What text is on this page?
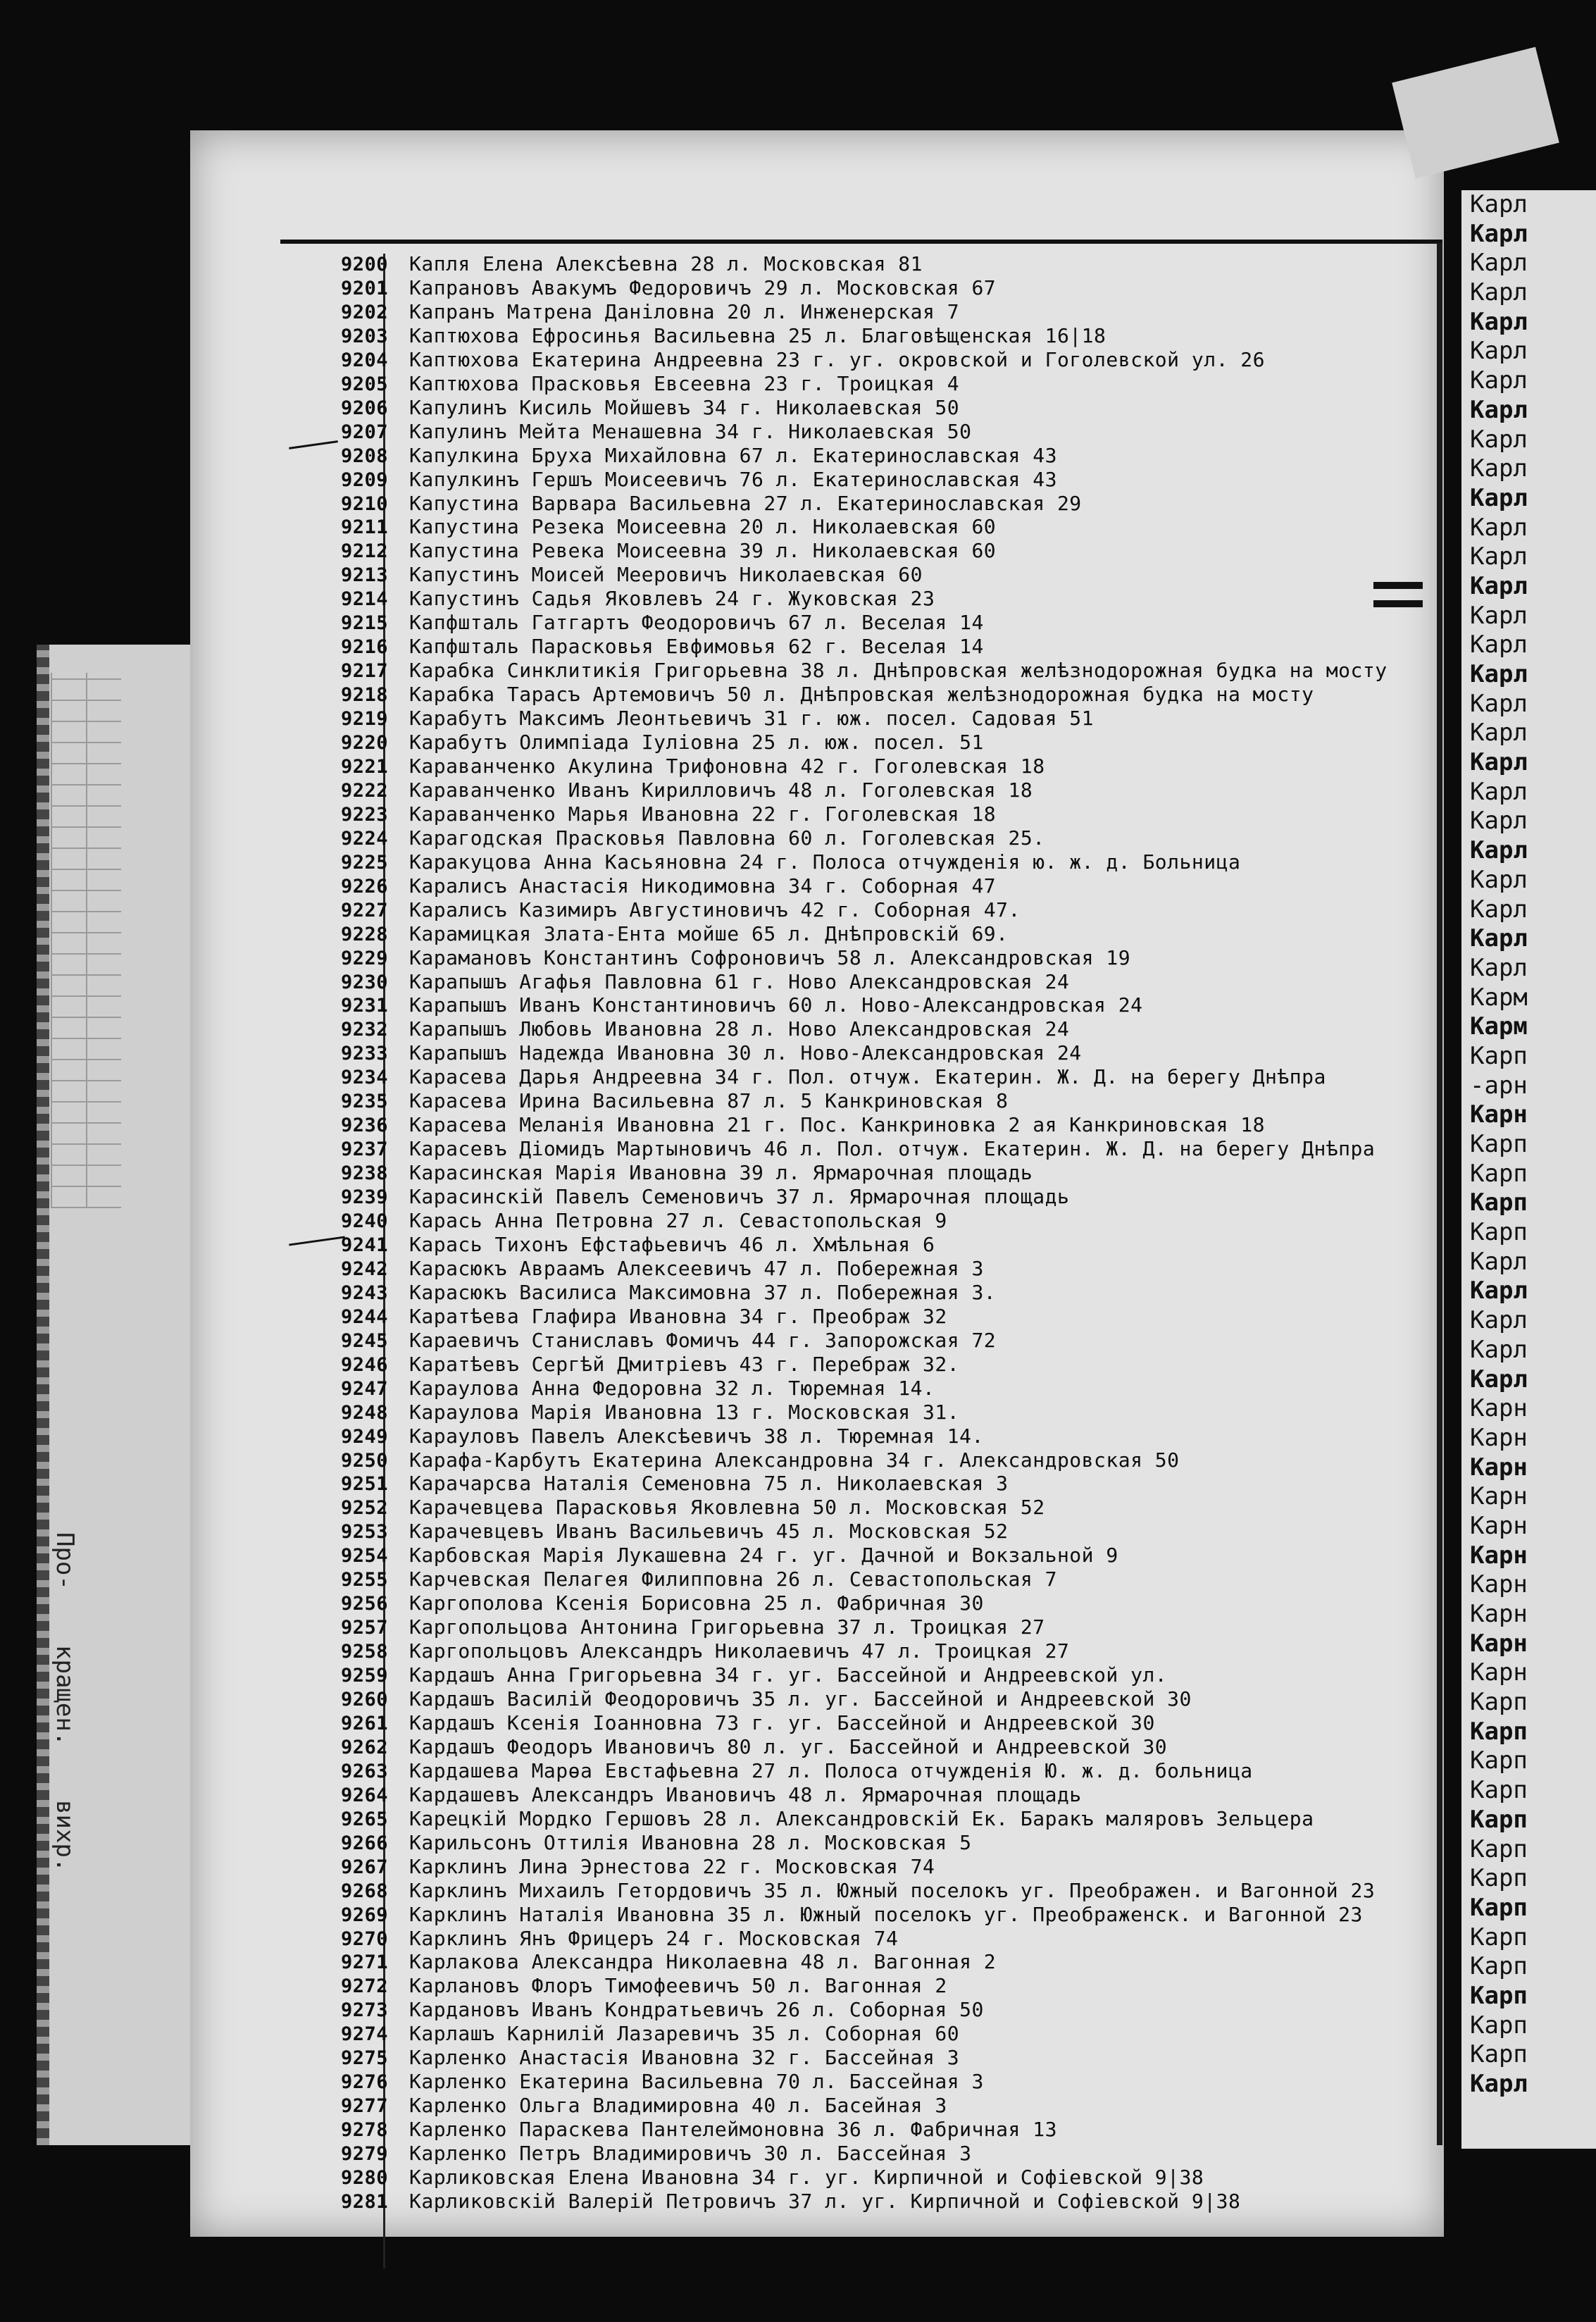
Про-
кращен.
вихр.
Карл
Карл
Карл
Карл
Карл
Карл
Карл
Карл
Карл
Карл
Карл
Карл
Карл
Карл
Карл
Карл
Карл
Карл
Карл
Карл
Карл
Карл
Карл
Карл
Карл
Карл
Карл
Карм
Карм
Карп
-арн
Карн
Карп
Карп
Карп
Карп
Карл
Карл
Карл
Карл
Карл
Карн
Карн
Карн
Карн
Карн
Карн
Карн
Карн
Карн
Карн
Карп
Карп
Карп
Карп
Карп
Карп
Карп
Карп
Карп
Карп
Карп
Карп
Карп
Карл
9200 Капля Елена Алексѣевна 28 л. Московская 81
9201 Капрановъ Авакумъ Федоровичъ 29 л. Московская 67
9202 Капранъ Матрена Даніловна 20 л. Инженерская 7
9203 Каптюхова Ефросинья Васильевна 25 л. Благовѣщенская 16|18
9204 Каптюхова Екатерина Андреевна 23 г. уг. окровской и Гоголевской ул. 26
9205 Каптюхова Прасковья Евсеевна 23 г. Троицкая 4
9206 Капулинъ Кисиль Мойшевъ 34 г. Николаевская 50
9207 Капулинъ Мейта Менашевна 34 г. Николаевская 50
9208 Капулкина Бруха Михайловна 67 л. Екатеринославская 43
9209 Капулкинъ Гершъ Моисеевичъ 76 л. Екатеринославская 43
9210 Капустина Варвара Васильевна 27 л. Екатеринославская 29
9211 Капустина Резека Моисеевна 20 л. Николаевская 60
9212 Капустина Ревека Моисеевна 39 л. Николаевская 60
9213 Капустинъ Моисей Мееровичъ Николаевская 60
9214 Капустинъ Садья Яковлевъ 24 г. Жуковская 23
9215 Капфшталь Гатгартъ Феодоровичъ 67 л. Веселая 14
9216 Капфшталь Парасковья Евфимовья 62 г. Веселая 14
9217 Карабка Синклитикія Григорьевна 38 л. Днѣпровская желѣзнодорожная будка на мосту
9218 Карабка Тарасъ Артемовичъ 50 л. Днѣпровская желѣзнодорожная будка на мосту
9219 Карабутъ Максимъ Леонтьевичъ 31 г. юж. посел. Садовая 51
9220 Карабутъ Олимпіада Іуліовна 25 л. юж. посел. 51
9221 Караванченко Акулина Трифоновна 42 г. Гоголевская 18
9222 Караванченко Иванъ Кирилловичъ 48 л. Гоголевская 18
9223 Караванченко Марья Ивановна 22 г. Гоголевская 18
9224 Карагодская Прасковья Павловна 60 л. Гоголевская 25.
9225 Каракуцова Анна Касьяновна 24 г. Полоса отчужденія ю. ж. д. Больница
9226 Каралисъ Анастасія Никодимовна 34 г. Соборная 47
9227 Каралисъ Казимиръ Августиновичъ 42 г. Соборная 47.
9228 Карамицкая Злата-Ента мойше 65 л. Днѣпровскій 69.
9229 Карамановъ Константинъ Софроновичъ 58 л. Александровская 19
9230 Карапышъ Агафья Павловна 61 г. Ново Александровская 24
9231 Карапышъ Иванъ Константиновичъ 60 л. Ново-Александровская 24
9232 Карапышъ Любовь Ивановна 28 л. Ново Александровская 24
9233 Карапышъ Надежда Ивановна 30 л. Ново-Александровская 24
9234 Карасева Дарья Андреевна 34 г. Пол. отчуж. Екатерин. Ж. Д. на берегу Днѣпра
9235 Карасева Ирина Васильевна 87 л. 5 Канкриновская 8
9236 Карасева Меланія Ивановна 21 г. Пос. Канкриновка 2 ая Канкриновская 18
9237 Карасевъ Діомидъ Мартыновичъ 46 л. Пол. отчуж. Екатерин. Ж. Д. на берегу Днѣпра
9238 Карасинская Марія Ивановна 39 л. Ярмарочная площадь
9239 Карасинскій Павелъ Семеновичъ 37 л. Ярмарочная площадь
9240 Карась Анна Петровна 27 л. Севастопольская 9
9241 Карась Тихонъ Ефстафьевичъ 46 л. Хмѣльная 6
9242 Карасюкъ Авраамъ Алексеевичъ 47 л. Побережная 3
9243 Карасюкъ Василиса Максимовна 37 л. Побережная 3.
9244 Каратѣева Глафира Ивановна 34 г. Преображ 32
9245 Караевичъ Станиславъ Фомичъ 44 г. Запорожская 72
9246 Каратѣевъ Сергѣй Дмитріевъ 43 г. Перебраж 32.
9247 Караулова Анна Федоровна 32 л. Тюремная 14.
9248 Караулова Марія Ивановна 13 г. Московская 31.
9249 Карауловъ Павелъ Алексѣевичъ 38 л. Тюремная 14.
9250 Карафа-Карбутъ Екатерина Александровна 34 г. Александровская 50
9251 Карачарсва Наталія Семеновна 75 л. Николаевская 3
9252 Карачевцева Парасковья Яковлевна 50 л. Московская 52
9253 Карачевцевъ Иванъ Васильевичъ 45 л. Московская 52
9254 Карбовская Марія Лукашевна 24 г. уг. Дачной и Вокзальной 9
9255 Карчевская Пелагея Филипповна 26 л. Севастопольская 7
9256 Каргополова Ксенія Борисовна 25 л. Фабричная 30
9257 Каргопольцова Антонина Григорьевна 37 л. Троицкая 27
9258 Каргопольцовъ Александръ Николаевичъ 47 л. Троицкая 27
9259 Кардашъ Анна Григорьевна 34 г. уг. Бассейной и Андреевской ул.
9260 Кардашъ Василій Феодоровичъ 35 л. уг. Бассейной и Андреевской 30
9261 Кардашъ Ксенія Іоанновна 73 г. уг. Бассейной и Андреевской 30
9262 Кардашъ Феодоръ Ивановичъ 80 л. уг. Бассейной и Андреевской 30
9263 Кардашева Марѳа Евстафьевна 27 л. Полоса отчужденія Ю. ж. д. больница
9264 Кардашевъ Александръ Ивановичъ 48 л. Ярмарочная площадь
9265 Карецкій Мордко Гершовъ 28 л. Александровскій Ек. Баракъ маляровъ Зельцера
9266 Карильсонъ Оттилія Ивановна 28 л. Московская 5
9267 Карклинъ Лина Эрнестова 22 г. Московская 74
9268 Карклинъ Михаилъ Гетордовичъ 35 л. Южный поселокъ уг. Преображен. и Вагонной 23
9269 Карклинъ Наталія Ивановна 35 л. Южный поселокъ уг. Преображенск. и Вагонной 23
9270 Карклинъ Янъ Фрицеръ 24 г. Московская 74
9271 Карлакова Александра Николаевна 48 л. Вагонная 2
9272 Карлановъ Флоръ Тимофеевичъ 50 л. Вагонная 2
9273 Кардановъ Иванъ Кондратьевичъ 26 л. Соборная 50
9274 Карлашъ Карнилій Лазаревичъ 35 л. Соборная 60
9275 Карленко Анастасія Ивановна 32 г. Бассейная 3
9276 Карленко Екатерина Васильевна 70 л. Бассейная 3
9277 Карленко Ольга Владимировна 40 л. Басейная 3
9278 Карленко Параскева Пантелеймоновна 36 л. Фабричная 13
9279 Карленко Петръ Владимировичъ 30 л. Бассейная 3
9280 Карликовская Елена Ивановна 34 г. уг. Кирпичной и Софіевской 9|38
9281 Карликовскій Валерій Петровичъ 37 л. уг. Кирпичной и Софіевской 9|38
